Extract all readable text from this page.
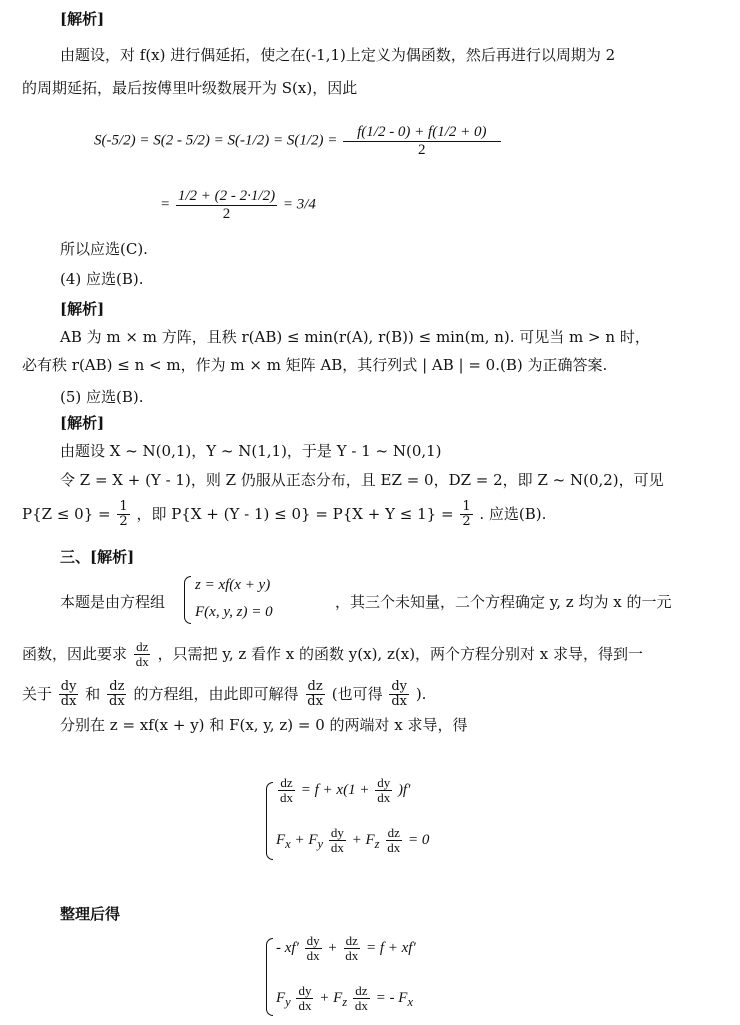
[解析]
由题设，对 f(x) 进行偶延拓，使之在(-1,1)上定义为偶函数，然后再进行以周期为 2
的周期延拓，最后按傅里叶级数展开为 S(x)，因此
$S(-5/2) = S(2 - 5/2) = S(-1/2) = S(1/2) = \frac{f(1/2 - 0) + f(1/2 + 0)}{2}$
= $\frac{1/2 + (2 - 2\cdot 1/2)}{2} = 3/4$
所以应选(C).
(4) 应选(B).
[解析]
AB 为 m × m 方阵，且秩 r(AB) ≤ min(r(A), r(B)) ≤ min(m, n). 可见当 m > n 时，
必有秩 r(AB) ≤ n < m，作为 m × m 矩阵 AB，其行列式 | AB | = 0.(B) 为正确答案.
(5) 应选(B).
[解析]
由题设 X ~ N(0,1)，Y ~ N(1,1)，于是 Y - 1 ~ N(0,1)
令 Z = X + (Y - 1)，则 Z 仍服从正态分布，且 EZ = 0，DZ = 2，即 Z ~ N(0,2)，可见
$P\{Z \le 0\} = \frac{1}{2}$ ，即 $P\{X + (Y - 1) \le 0\} = P\{X + Y \le 1\} = \frac{1}{2}$ . 应选(B).
三、[解析]
本题是由方程组
z = xf(x + y)
F(x, y, z) = 0
，其三个未知量，二个方程确定 y, z 均为 x 的一元
函数，因此要求 $\frac{dz}{dx}$ ，只需把 y, z 看作 x 的函数 y(x), z(x)，两个方程分别对 x 求导，得到一
关于 $\frac{dy}{dx}$ 和 $\frac{dz}{dx}$ 的方程组，由此即可解得 $\frac{dz}{dx}$ (也可得 $\frac{dy}{dx}$ ).
分别在 z = xf(x + y) 和 F(x, y, z) = 0 的两端对 x 求导，得
$\frac{dz}{dx} = f + x(1 + \frac{dy}{dx} )f'$
$F_x + F_y \frac{dy}{dx} + F_z \frac{dz}{dx} = 0$
整理后得
- $xf' \frac{dy}{dx} + \frac{dz}{dx} = f + xf'$
$F_y \frac{dy}{dx} + F_z \frac{dz}{dx}$ = - $F_x$
